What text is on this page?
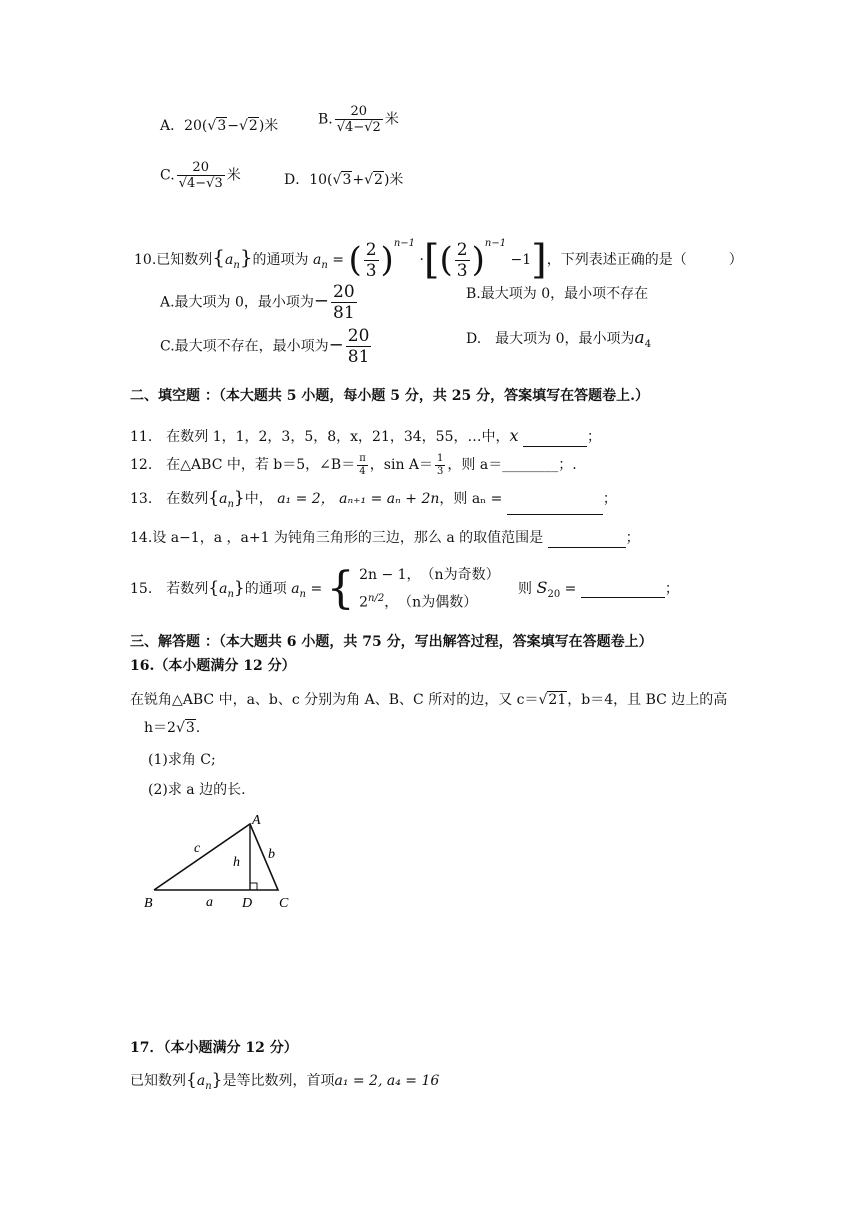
A．20(√3−√2)米	B. $\frac{20}{√4-√2}$ 米
C. $\frac{20}{√4-√3}$ 米	D．10(√3+√2)米
10.已知数列$\{a_n\}$的通项为 $a_n$ = ( $\frac{2}{3} )^{n-1}$ ·[( $\frac{2}{3} )^{n-1} -1$]，下列表述正确的是（　　　）
A.最大项为 0，最小项为− $\frac{20}{81}$	B.最大项为 0，最小项不存在
C.最大项不存在，最小项为− $\frac{20}{81}$	D.　最大项为 0，最小项为$a_4$
二、填空题 ：（本大题共 5 小题，每小题 5 分，共 25 分，答案填写在答题卷上.）
11.　在数列 1，1，2，3，5，8，x，21，34，55，…中，x	；
12.　在△ABC 中，若 b＝5，∠B＝ $\frac{\pi}{4}$ ，$\sin A= \frac{1}{3}$ ，则 a＝________；.
13.　在数列$\{a_n\}$中， a₁ = 2， aₙ₊₁ = aₙ + 2n，则 aₙ =	；
14.设 a−1，a ，a+1 为钝角三角形的三边，那么 a 的取值范围是	；
15.　若数列$\{a_n\}$的通项 $a_n$ = { 2n − 1，　（n为奇数）
$2^{n/2}$，　（n为偶数）
则 $S_{20}$ =	；
三、解答题 ：（本大题共 6 小题，共 75 分，写出解答过程，答案填写在答题卷上）
16.（本小题满分 12 分）
在锐角△ABC 中，a、b、c 分别为角 A、B、C 所对的边，又 c＝√21，b＝4，且 BC 边上的高
h＝2√3.
(1)求角 C;
(2)求 a 边的长.
A
B	C
D
a
b
c
h
17．（本小题满分 12 分）
已知数列$\{a_n\}$是等比数列，首项a₁ = 2, a₄ = 16
